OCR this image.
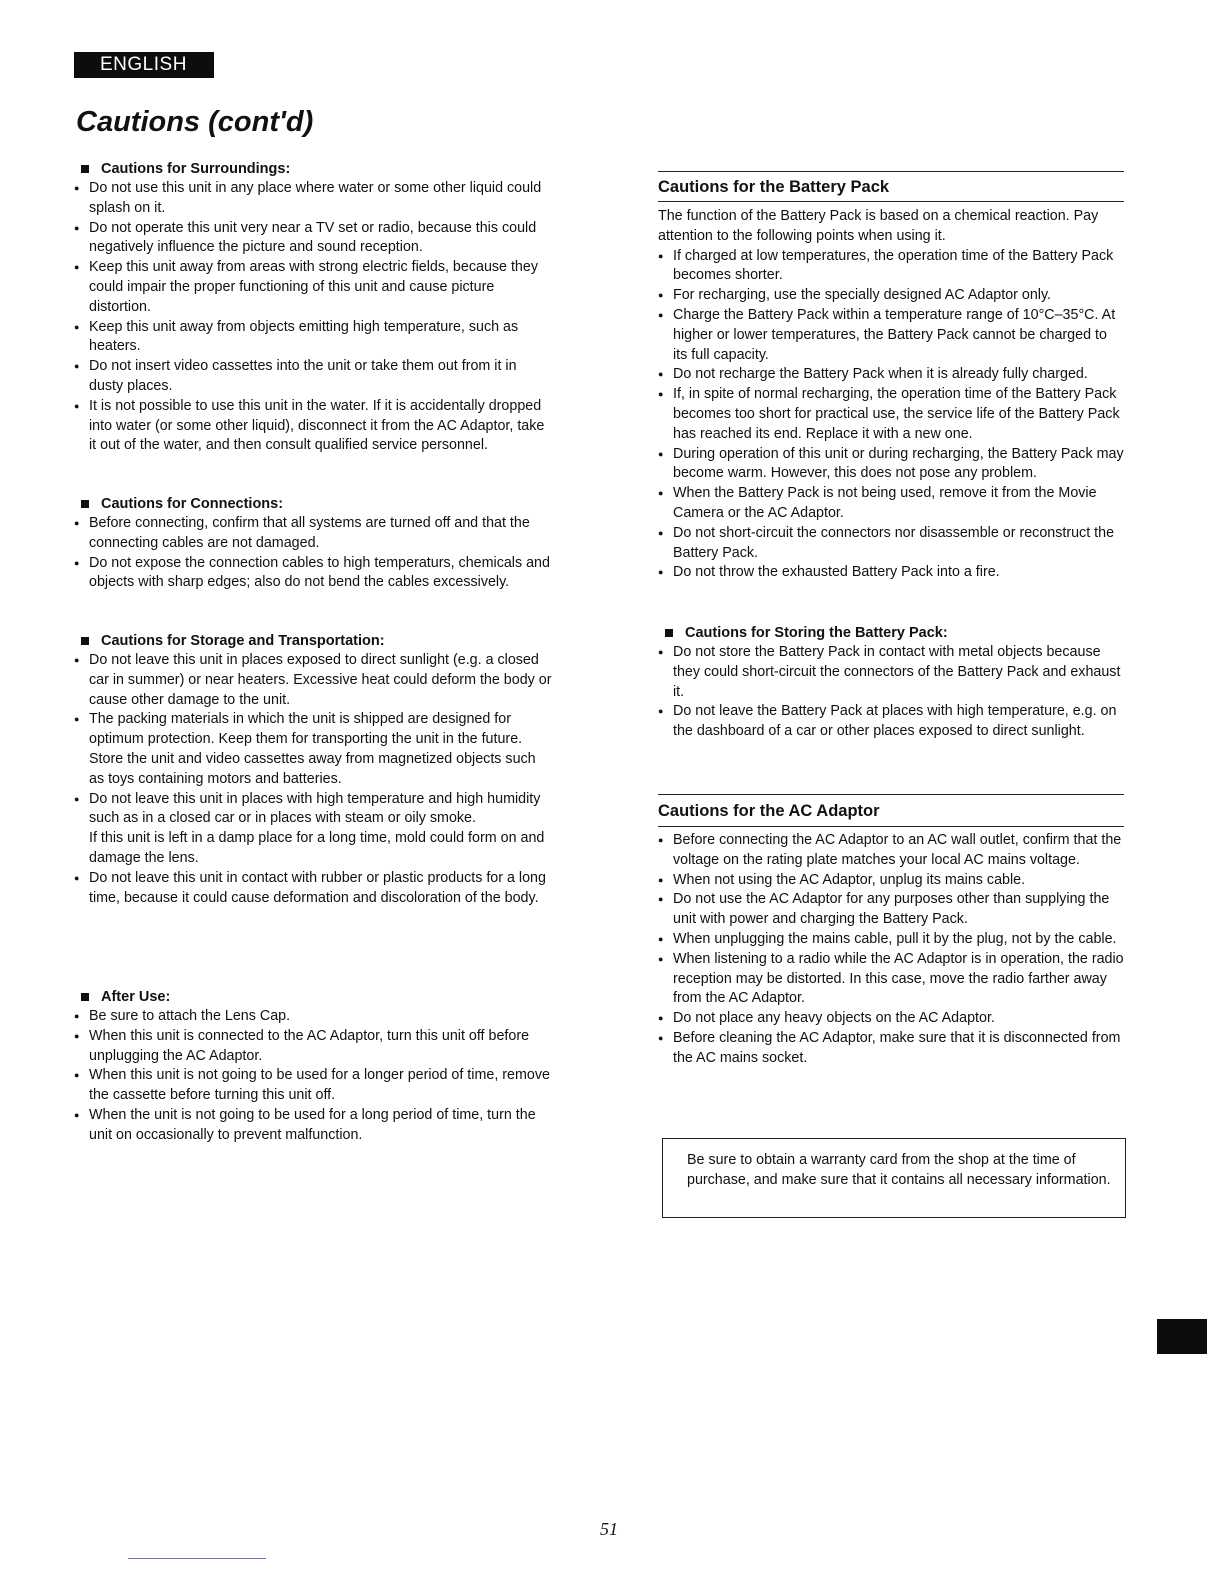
ENGLISH
Cautions (cont'd)

Cautions for Surroundings:

● Do not use this unit in any place where water or some other liquid could splash on it.
● Do not operate this unit very near a TV set or radio, because this could negatively influence the picture and sound reception.
● Keep this unit away from areas with strong electric fields, because they could impair the proper functioning of this unit and cause picture distortion.
● Keep this unit away from objects emitting high temperature, such as heaters.
● Do not insert video cassettes into the unit or take them out from it in dusty places.
● It is not possible to use this unit in the water. If it is accidentally dropped into water (or some other liquid), disconnect it from the AC Adaptor, take it out of the water, and then consult qualified service personnel.

Cautions for Connections:

● Before connecting, confirm that all systems are turned off and that the connecting cables are not damaged.
● Do not expose the connection cables to high temperaturs, chemicals and objects with sharp edges; also do not bend the cables excessively.

Cautions for Storage and Transportation:

● Do not leave this unit in places exposed to direct sunlight (e.g. a closed car in summer) or near heaters. Excessive heat could deform the body or cause other damage to the unit.
● The packing materials in which the unit is shipped are designed for optimum protection. Keep them for transporting the unit in the future.
Store the unit and video cassettes away from magnetized objects such as toys containing motors and batteries.
● Do not leave this unit in places with high temperature and high humidity such as in a closed car or in places with steam or oily smoke.
If this unit is left in a damp place for a long time, mold could form on and damage the lens.
● Do not leave this unit in contact with rubber or plastic products for a long time, because it could cause deformation and discoloration of the body.

After Use:

● Be sure to attach the Lens Cap.
● When this unit is connected to the AC Adaptor, turn this unit off before unplugging the AC Adaptor.
● When this unit is not going to be used for a longer period of time, remove the cassette before turning this unit off.
● When the unit is not going to be used for a long period of time, turn the unit on occasionally to prevent malfunction.

Cautions for the Battery Pack

The function of the Battery Pack is based on a chemical reaction. Pay attention to the following points when using it.

● If charged at low temperatures, the operation time of the Battery Pack becomes shorter.
● For recharging, use the specially designed AC Adaptor only.
● Charge the Battery Pack within a temperature range of 10°C–35°C. At higher or lower temperatures, the Battery Pack cannot be charged to its full capacity.
● Do not recharge the Battery Pack when it is already fully charged.
● If, in spite of normal recharging, the operation time of the Battery Pack becomes too short for practical use, the service life of the Battery Pack has reached its end. Replace it with a new one.
● During operation of this unit or during recharging, the Battery Pack may become warm. However, this does not pose any problem.
● When the Battery Pack is not being used, remove it from the Movie Camera or the AC Adaptor.
● Do not short-circuit the connectors nor disassemble or reconstruct the Battery Pack.
● Do not throw the exhausted Battery Pack into a fire.

Cautions for Storing the Battery Pack:

● Do not store the Battery Pack in contact with metal objects because they could short-circuit the connectors of the Battery Pack and exhaust it.
● Do not leave the Battery Pack at places with high temperature, e.g. on the dashboard of a car or other places exposed to direct sunlight.

Cautions for the AC Adaptor

● Before connecting the AC Adaptor to an AC wall outlet, confirm that the voltage on the rating plate matches your local AC mains voltage.
● When not using the AC Adaptor, unplug its mains cable.
● Do not use the AC Adaptor for any purposes other than supplying the unit with power and charging the Battery Pack.
● When unplugging the mains cable, pull it by the plug, not by the cable.
● When listening to a radio while the AC Adaptor is in operation, the radio reception may be distorted. In this case, move the radio farther away from the AC Adaptor.
● Do not place any heavy objects on the AC Adaptor.
● Before cleaning the AC Adaptor, make sure that it is disconnected from the AC mains socket.
Be sure to obtain a warranty card from the shop at the time of purchase, and make sure that it contains all necessary information.
51
